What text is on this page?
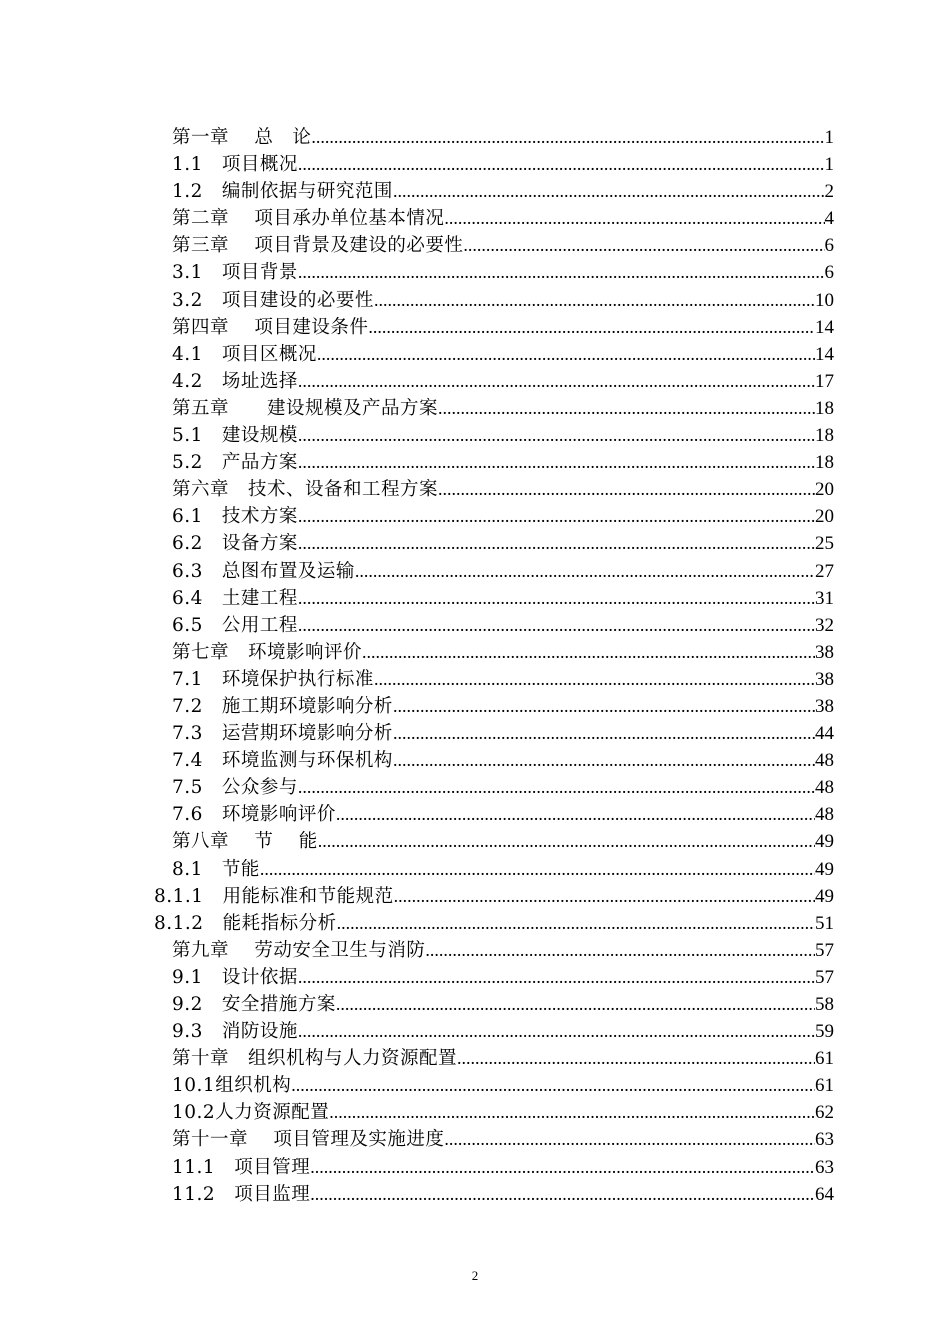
第一章　 总　论 .....	1
1.1　项目概况 .....	1
1.2　编制依据与研究范围 .....	2
第二章　 项目承办单位基本情况 .....	4
第三章　 项目背景及建设的必要性 .....	6
3.1　项目背景 .....	6
3.2　项目建设的必要性 .....	10
第四章　 项目建设条件 .....	14
4.1　项目区概况 .....	14
4.2　场址选择 .....	17
第五章　　建设规模及产品方案 .....	18
5.1　建设规模 .....	18
5.2　产品方案 .....	18
第六章　技术、设备和工程方案 .....	20
6.1　技术方案 .....	20
6.2　设备方案 .....	25
6.3　总图布置及运输 .....	27
6.4　土建工程 .....	31
6.5　公用工程 .....	32
第七章　环境影响评价 .....	38
7.1　环境保护执行标准 .....	38
7.2　施工期环境影响分析 .....	38
7.3　运营期环境影响分析 .....	44
7.4　环境监测与环保机构 .....	48
7.5　公众参与 .....	48
7.6　环境影响评价 .....	48
第八章　 节　 能 .....	49
8.1　节能 .....	49
8.1.1　用能标准和节能规范 .....	49
8.1.2　能耗指标分析 .....	51
第九章　 劳动安全卫生与消防 .....	57
9.1　设计依据 .....	57
9.2　安全措施方案 .....	58
9.3　消防设施 .....	59
第十章　组织机构与人力资源配置 .....	61
10.1组织机构 .....	61
10.2人力资源配置 .....	62
第十一章　 项目管理及实施进度 .....	63
11.1　项目管理 .....	63
11.2　项目监理 .....	64
2
